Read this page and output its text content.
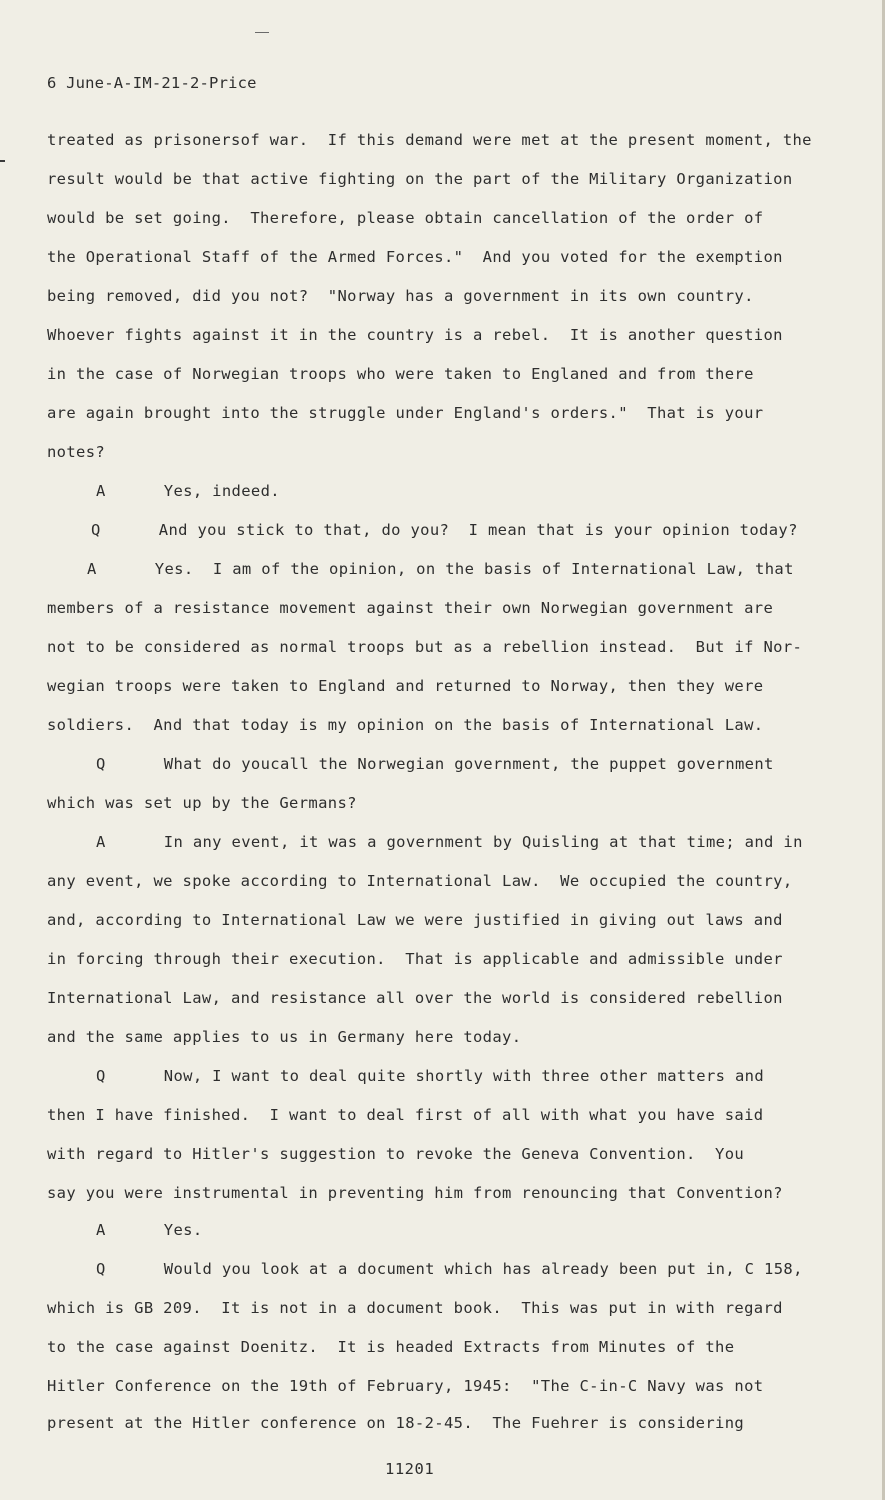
6 June-A-IM-21-2-Price
treated as prisonersof war.  If this demand were met at the present moment, the
result would be that active fighting on the part of the Military Organization
would be set going.  Therefore, please obtain cancellation of the order of
the Operational Staff of the Armed Forces."  And you voted for the exemption
being removed, did you not?  "Norway has a government in its own country.
Whoever fights against it in the country is a rebel.  It is another question
in the case of Norwegian troops who were taken to Englaned and from there
are again brought into the struggle under England's orders."  That is your
notes?
A      Yes, indeed.
Q      And you stick to that, do you?  I mean that is your opinion today?
A      Yes.  I am of the opinion, on the basis of International Law, that
members of a resistance movement against their own Norwegian government are
not to be considered as normal troops but as a rebellion instead.  But if Nor-
wegian troops were taken to England and returned to Norway, then they were
soldiers.  And that today is my opinion on the basis of International Law.
Q      What do youcall the Norwegian government, the puppet government
which was set up by the Germans?
A      In any event, it was a government by Quisling at that time; and in
any event, we spoke according to International Law.  We occupied the country,
and, according to International Law we were justified in giving out laws and
in forcing through their execution.  That is applicable and admissible under
International Law, and resistance all over the world is considered rebellion
and the same applies to us in Germany here today.
Q      Now, I want to deal quite shortly with three other matters and
then I have finished.  I want to deal first of all with what you have said
with regard to Hitler's suggestion to revoke the Geneva Convention.  You
say you were instrumental in preventing him from renouncing that Convention?
A      Yes.
Q      Would you look at a document which has already been put in, C 158,
which is GB 209.  It is not in a document book.  This was put in with regard
to the case against Doenitz.  It is headed Extracts from Minutes of the
Hitler Conference on the 19th of February, 1945:  "The C-in-C Navy was not
present at the Hitler conference on 18-2-45.  The Fuehrer is considering
11201
